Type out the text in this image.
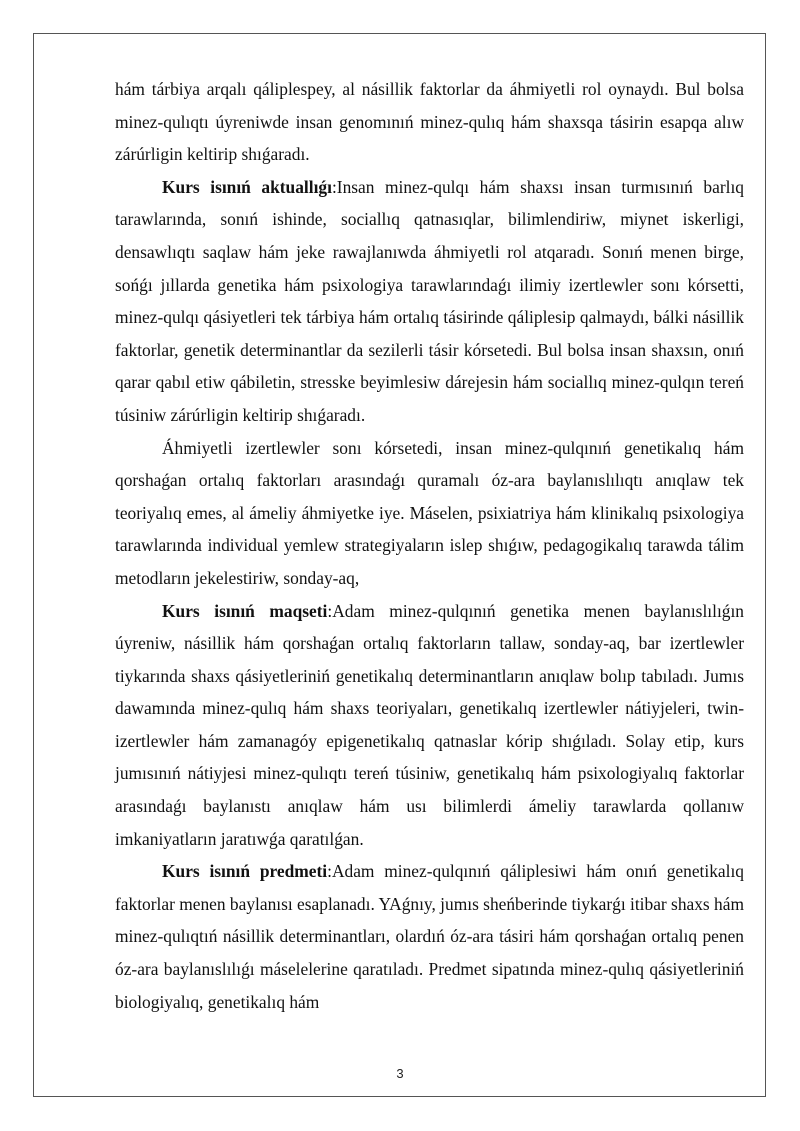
hám tárbiya arqalı qáliplespey, al násillik faktorlar da áhmiyetli rol oynaydı. Bul bolsa minez-qulıqtı úyreniwde insan genomınıń minez-qulıq hám shaxsqa tásirin esapqa alıw zárúrligin keltirip shıǵaradı.

Kurs isınıń aktuallıǵı:Insan minez-qulqı hám shaxsı insan turmısınıń barlıq tarawlarında, sonıń ishinde, sociallıq qatnasıqlar, bilimlendiriw, miynet iskerligi, densawlıqtı saqlaw hám jeke rawajlanıwda áhmiyetli rol atqaradı. Sonıń menen birge, sońǵı jıllarda genetika hám psixologiya tarawlarındaǵı ilimiy izertlewler sonı kórsetti, minez-qulqı qásiyetleri tek tárbiya hám ortalıq tásirinde qáliplesip qalmaydı, bálki násillik faktorlar, genetik determinantlar da sezilerli tásir kórsetedi. Bul bolsa insan shaxsın, onıń qarar qabıl etiw qábiletin, stresske beyimlesiw dárejesin hám sociallıq minez-qulqın tereń túsiniw zárúrligin keltirip shıǵaradı.

Áhmiyetli izertlewler sonı kórsetedi, insan minez-qulqınıń genetikalıq hám qorshaǵan ortalıq faktorları arasındaǵı quramalı óz-ara baylanıslılıqtı anıqlaw tek teoriyalıq emes, al ámeliy áhmiyetke iye. Máselen, psixiatriya hám klinikalıq psixologiya tarawlarında individual yemlew strategiyaların islep shıǵıw, pedagogikalıq tarawda tálim metodların jekelestiriw, sonday-aq,

Kurs isınıń maqseti:Adam minez-qulqınıń genetika menen baylanıslılıǵın úyreniw, násillik hám qorshaǵan ortalıq faktorların tallaw, sonday-aq, bar izertlewler tiykarında shaxs qásiyetleriniń genetikalıq determinantların anıqlaw bolıp tabıladı. Jumıs dawamında minez-qulıq hám shaxs teoriyaları, genetikalıq izertlewler nátiyjeleri, twin-izertlewler hám zamanagóy epigenetikalıq qatnaslar kórip shıǵıladı. Solay etip, kurs jumısınıń nátiyjesi minez-qulıqtı tereń túsiniw, genetikalıq hám psixologiyalıq faktorlar arasındaǵı baylanıstı anıqlaw hám usı bilimlerdi ámeliy tarawlarda qollanıw imkaniyatların jaratıwǵa qaratılǵan.

Kurs isınıń predmeti:Adam minez-qulqınıń qáliplesiwi hám onıń genetikalıq faktorlar menen baylanısı esaplanadı. YAǵnıy, jumıs sheńberinde tiykarǵı itibar shaxs hám minez-qulıqtıń násillik determinantları, olardıń óz-ara tásiri hám qorshaǵan ortalıq penen óz-ara baylanıslılıǵı máselelerine qaratıladı. Predmet sipatında minez-qulıq qásiyetleriniń biologiyalıq, genetikalıq hám

3
